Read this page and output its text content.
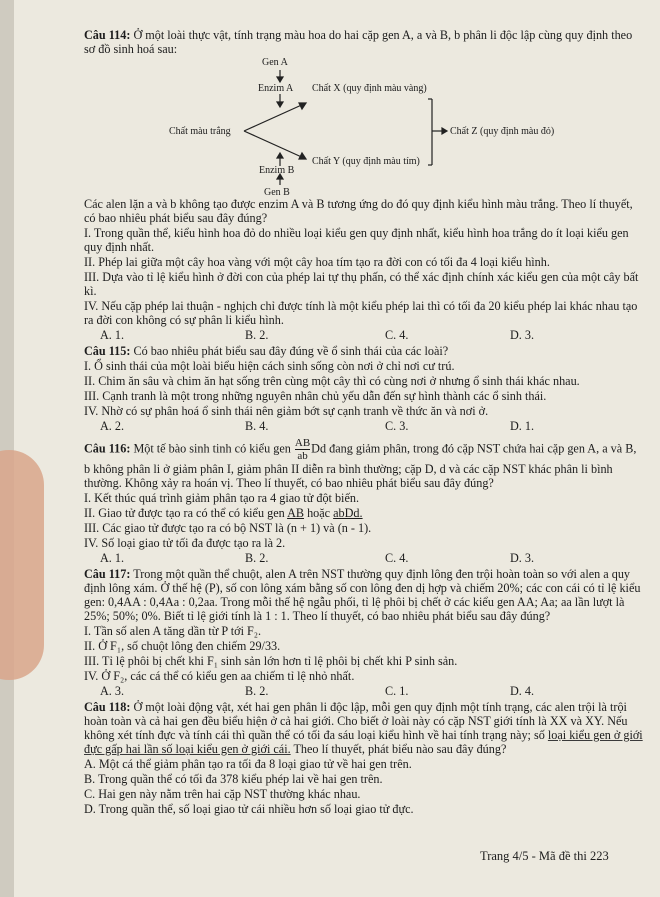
Câu 114: Ở một loài thực vật, tính trạng màu hoa do hai cặp gen A, a và B, b phân li độc lập cùng quy định theo sơ đồ sinh hoá sau:

Gen A
Enzim A Chất X (quy định màu vàng)
Chất màu trắng	Chất Z (quy định màu đỏ)
Chất Y (quy định màu tím)
Enzim B
Gen B

Các alen lặn a và b không tạo được enzim A và B tương ứng do đó quy định kiểu hình màu trắng. Theo lí thuyết, có bao nhiêu phát biểu sau đây đúng?

I. Trong quần thể, kiểu hình hoa đỏ do nhiều loại kiểu gen quy định nhất, kiểu hình hoa trắng do ít loại kiểu gen quy định nhất.

II. Phép lai giữa một cây hoa vàng với một cây hoa tím tạo ra đời con có tối đa 4 loại kiểu hình.

III. Dựa vào tỉ lệ kiểu hình ở đời con của phép lai tự thụ phấn, có thể xác định chính xác kiểu gen của một cây bất kì.

IV. Nếu cặp phép lai thuận - nghịch chỉ được tính là một kiểu phép lai thì có tối đa 20 kiểu phép lai khác nhau tạo ra đời con không có sự phân li kiểu hình.

A. 1.	B. 2.	C. 4.	D. 3.

Câu 115: Có bao nhiêu phát biểu sau đây đúng về ổ sinh thái của các loài?

I. Ổ sinh thái của một loài biểu hiện cách sinh sống còn nơi ở chỉ nơi cư trú.

II. Chim ăn sâu và chim ăn hạt sống trên cùng một cây thì có cùng nơi ở nhưng ổ sinh thái khác nhau.

III. Cạnh tranh là một trong những nguyên nhân chủ yếu dẫn đến sự hình thành các ổ sinh thái.

IV. Nhờ có sự phân hoá ổ sinh thái nên giảm bớt sự cạnh tranh về thức ăn và nơi ở.

A. 2.	B. 4.	C. 3.	D. 1.

Câu 116: Một tế bào sinh tinh có kiểu gen $\frac{AB}{ab}$ Dd đang giảm phân, trong đó cặp NST chứa hai cặp gen A, a và B, b không phân li ở giảm phân I, giảm phân II diễn ra bình thường; cặp D, d và các cặp NST khác phân li bình thường. Không xảy ra hoán vị. Theo lí thuyết, có bao nhiêu phát biểu sau đây đúng?

I. Kết thúc quá trình giảm phân tạo ra 4 giao tử đột biến.

II. Giao tử được tạo ra có thể có kiểu gen AB hoặc abDd.

III. Các giao tử được tạo ra có bộ NST là (n + 1) và (n - 1).

IV. Số loại giao tử tối đa được tạo ra là 2.

A. 1.	B. 2.	C. 4.	D. 3.

Câu 117: Trong một quần thể chuột, alen A trên NST thường quy định lông đen trội hoàn toàn so với alen a quy định lông xám. Ở thế hệ (P), số con lông xám bằng số con lông đen dị hợp và chiếm 20%; các con cái có tỉ lệ kiểu gen: 0,4AA : 0,4Aa : 0,2aa. Trong mỗi thế hệ ngẫu phối, tỉ lệ phôi bị chết ở các kiểu gen AA; Aa; aa lần lượt là 25%; 50%; 0%. Biết tỉ lệ giới tính là 1 : 1. Theo lí thuyết, có bao nhiêu phát biểu sau đây đúng?

I. Tần số alen A tăng dần từ P tới F₂.

II. Ở F₁, số chuột lông đen chiếm 29/33.

III. Tỉ lệ phôi bị chết khi F₁ sinh sản lớn hơn tỉ lệ phôi bị chết khi P sinh sản.

IV. Ở F₂, các cá thể có kiểu gen aa chiếm tỉ lệ nhỏ nhất.

A. 3.	B. 2.	C. 1.	D. 4.

Câu 118: Ở một loài động vật, xét hai gen phân li độc lập, mỗi gen quy định một tính trạng, các alen trội là trội hoàn toàn và cả hai gen đều biểu hiện ở cả hai giới. Cho biết ở loài này có cặp NST giới tính là XX và XY. Nếu không xét tính đực và tính cái thì quần thể có tối đa sáu loại kiểu hình về hai tính trạng này; số loại kiểu gen ở giới đực gấp hai lần số loại kiểu gen ở giới cái. Theo lí thuyết, phát biểu nào sau đây đúng?

A. Một cá thể giảm phân tạo ra tối đa 8 loại giao tử về hai gen trên.

B. Trong quần thể có tối đa 378 kiểu phép lai về hai gen trên.

C. Hai gen này nằm trên hai cặp NST thường khác nhau.

D. Trong quần thể, số loại giao tử cái nhiều hơn số loại giao tử đực.

Trang 4/5 - Mã đề thi 223
